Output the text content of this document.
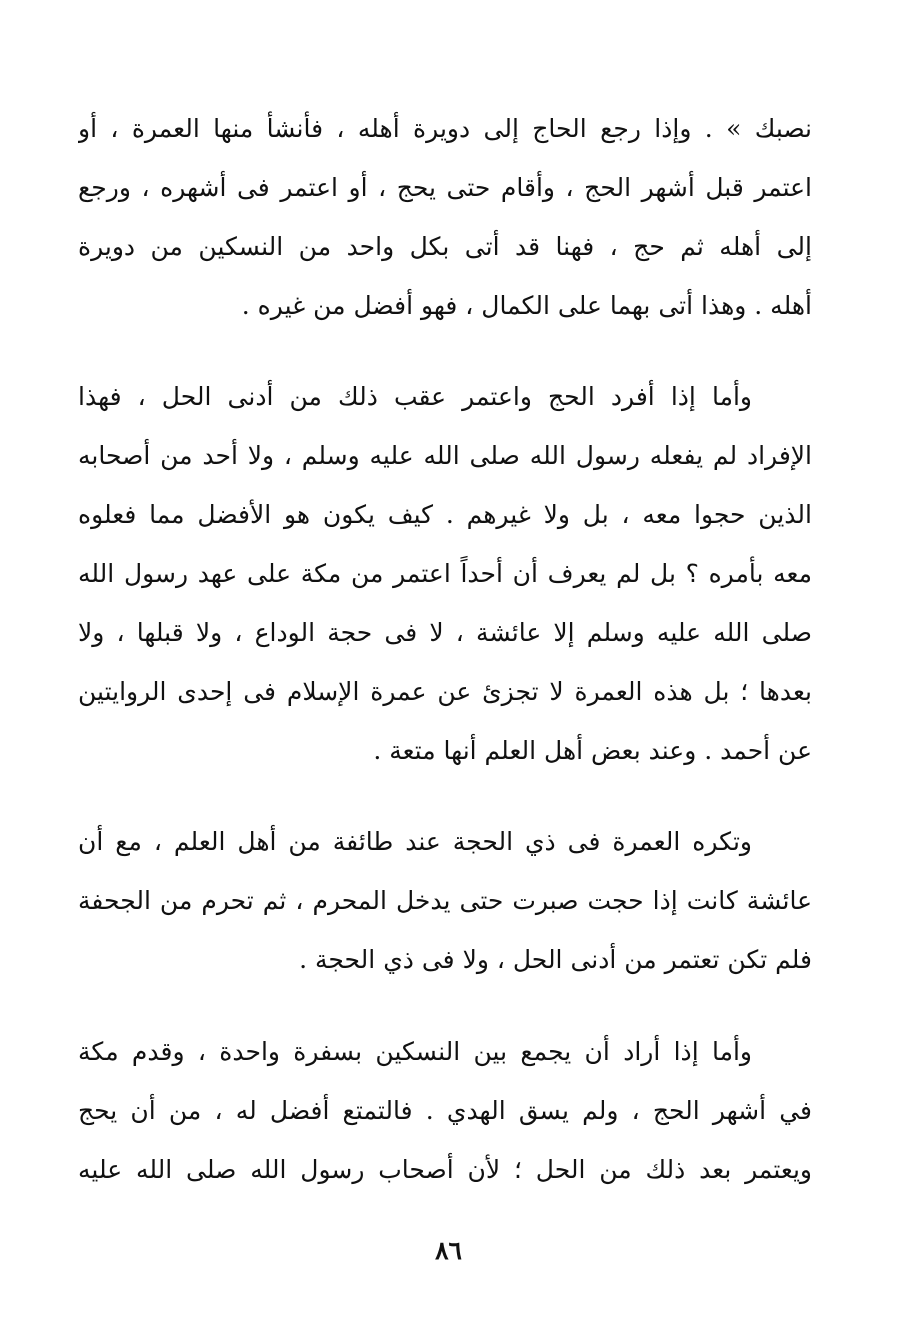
نصبك » . وإذا رجع الحاج إلى دويرة أهله ، فأنشأ منها العمرة ، أو
اعتمر قبل أشهر الحج ، وأقام حتى يحج ، أو اعتمر فى أشهره ، ورجع
إلى أهله ثم حج ، فهنا قد أتى بكل واحد من النسكين من دويرة
أهله . وهذا أتى بهما على الكمال ، فهو أفضل من غيره .
وأما إذا أفرد الحج واعتمر عقب ذلك من أدنى الحل ، فهذا
الإفراد لم يفعله رسول الله صلى الله عليه وسلم ، ولا أحد من أصحابه
الذين حجوا معه ، بل ولا غيرهم . كيف يكون هو الأفضل مما فعلوه
معه بأمره ؟ بل لم يعرف أن أحداً اعتمر من مكة على عهد رسول الله
صلى الله عليه وسلم إلا عائشة ، لا فى حجة الوداع ، ولا قبلها ، ولا
بعدها ؛ بل هذه العمرة لا تجزئ عن عمرة الإسلام فى إحدى الروايتين
عن أحمد . وعند بعض أهل العلم أنها متعة .
وتكره العمرة فى ذي الحجة عند طائفة من أهل العلم ، مع أن
عائشة كانت إذا حجت صبرت حتى يدخل المحرم ، ثم تحرم من الجحفة
فلم تكن تعتمر من أدنى الحل ، ولا فى ذي الحجة .
وأما إذا أراد أن يجمع بين النسكين بسفرة واحدة ، وقدم مكة
في أشهر الحج ، ولم يسق الهدي . فالتمتع أفضل له ، من أن يحج
ويعتمر بعد ذلك من الحل ؛ لأن أصحاب رسول الله صلى الله عليه
٨٦
